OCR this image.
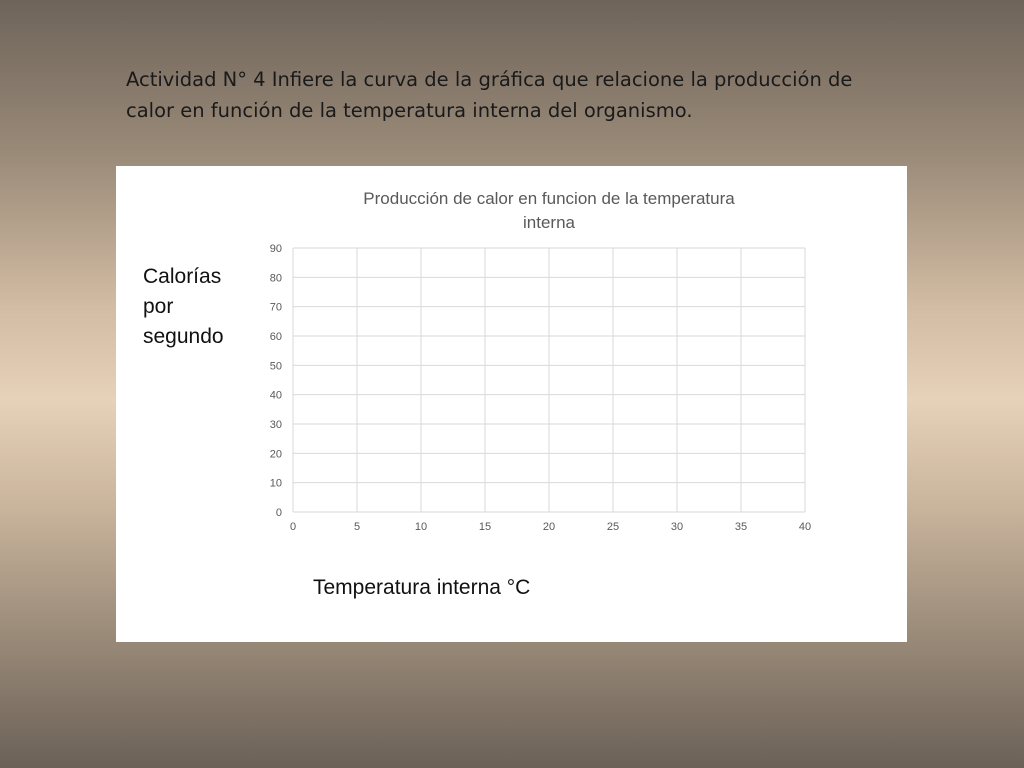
Actividad N° 4 Infiere la curva de la gráfica que relacione la producción de calor en función de la temperatura interna del organismo.
Producción de calor en funcion de la temperatura
interna
0
10
20
30
40
50
60
70
80
90
0	5	10	15	20	25	30	35	40
Calorías
por
segundo
Temperatura interna °C
